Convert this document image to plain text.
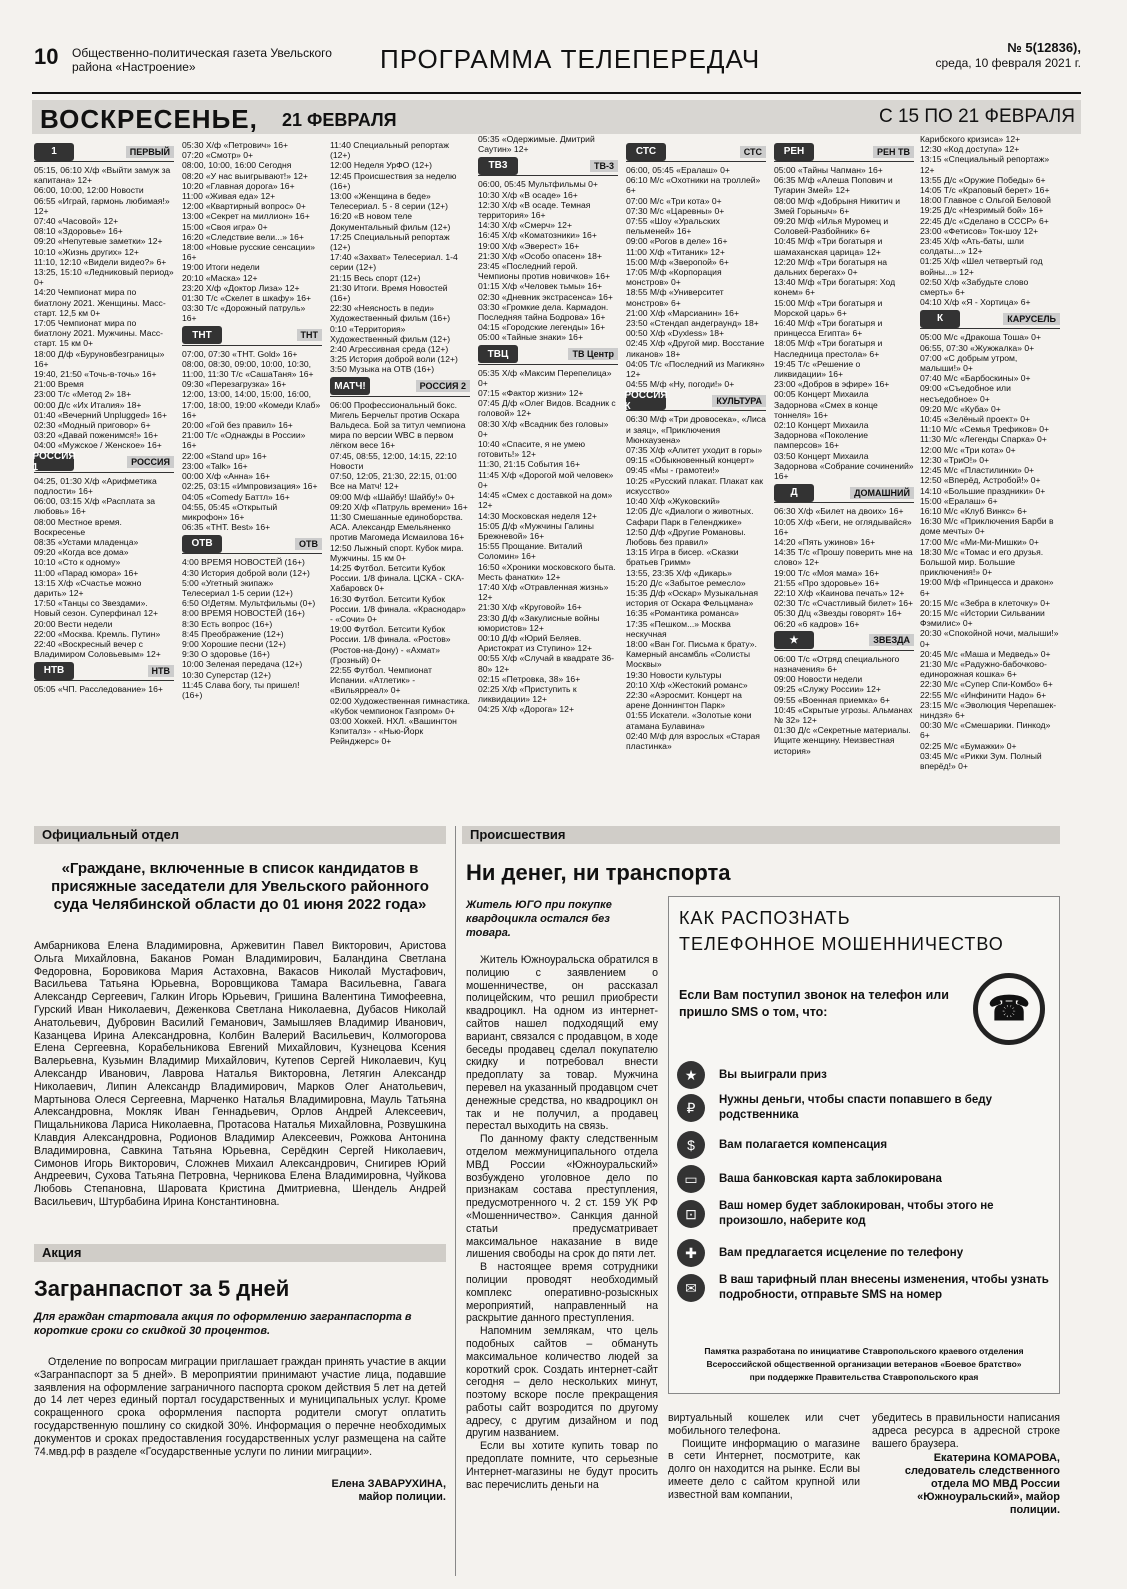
10 Общественно-политическая газета Увельского района «Настроение»	ПРОГРАММА ТЕЛЕПЕРЕДАЧ	№ 5(12836),
среда, 10 февраля 2021 г.
ВОСКРЕСЕНЬЕ, 21 ФЕВРАЛЯ	С 15 ПО 21 ФЕВРАЛЯ
1	ПЕРВЫЙ
05:15, 06:10 Х/ф «Выйти замуж за капитана» 12+
06:00, 10:00, 12:00 Новости
06:55 «Играй, гармонь любимая!» 12+
07:40 «Часовой» 12+
08:10 «Здоровье» 16+
09:20 «Непутевые заметки» 12+
10:10 «Жизнь других» 12+
11:10, 12:10 «Видели видео?» 6+
13:25, 15:10 «Ледниковый период» 0+
14:20 Чемпионат мира по биатлону 2021. Женщины. Масс-старт. 12,5 км 0+
17:05 Чемпионат мира по биатлону 2021. Мужчины. Масс-старт. 15 км 0+
18:00 Д/ф «Буруновбезграницы» 16+
19:40, 21:50 «Точь-в-точь» 16+
21:00 Время
23:00 Т/с «Метод 2» 18+
00:00 Д/с «Их Италия» 18+
01:40 «Вечерний Unplugged» 16+
02:30 «Модный приговор» 6+
03:20 «Давай поженимся!» 16+
04:00 «Мужское / Женское» 16+
РОССИЯ 1	РОССИЯ
04:25, 01:30 Х/ф «Арифметика подлости» 16+
06:00, 03:15 Х/ф «Расплата за любовь» 16+
08:00 Местное время. Воскресенье
08:35 «Устами младенца»
09:20 «Когда все дома»
10:10 «Сто к одному»
11:00 «Парад юмора» 16+
13:15 Х/ф «Счастье можно дарить» 12+
17:50 «Танцы со Звездами». Новый сезон. Суперфинал 12+
20:00 Вести недели
22:00 «Москва. Кремль. Путин»
22:40 «Воскресный вечер с Владимиром Соловьевым» 12+
НТВ	НТВ
05:05 «ЧП. Расследование» 16+
05:30 Х/ф «Петрович» 16+
07:20 «Смотр» 0+
08:00, 10:00, 16:00 Сегодня
08:20 «У нас выигрывают!» 12+
10:20 «Главная дорога» 16+
11:00 «Живая еда» 12+
12:00 «Квартирный вопрос» 0+
13:00 «Секрет на миллион» 16+
15:00 «Своя игра» 0+
16:20 «Следствие вели...» 16+
18:00 «Новые русские сенсации» 16+
19:00 Итоги недели
20:10 «Маска» 12+
23:20 Х/ф «Доктор Лиза» 12+
01:30 Т/с «Скелет в шкафу» 16+
03:30 Т/с «Дорожный патруль» 16+
ТНТ	ТНТ
07:00, 07:30 «ТНТ. Gold» 16+
08:00, 08:30, 09:00, 10:00, 10:30, 11:00, 11:30 Т/с «СашаТаня» 16+
09:30 «Перезагрузка» 16+
12:00, 13:00, 14:00, 15:00, 16:00, 17:00, 18:00, 19:00 «Комеди Клаб» 16+
20:00 «Гой без правил» 16+
21:00 Т/с «Однажды в России» 16+
22:00 «Stand up» 16+
23:00 «Talk» 16+
00:00 Х/ф «Анна» 16+
02:25, 03:15 «Импровизация» 16+
04:05 «Comedy Баттл» 16+
04:55, 05:45 «Открытый микрофон» 16+
06:35 «ТНТ. Best» 16+
ОТВ	ОТВ
4:00 ВРЕМЯ НОВОСТЕЙ (16+)
4:30 История доброй воли (12+)
5:00 «Угетный экипаж» Телесериал 1-5 серии (12+)
6:50 О!Детям. Мультфильмы (0+)
8:00 ВРЕМЯ НОВОСТЕЙ (16+)
8:30 Есть вопрос (16+)
8:45 Преображение (12+)
9:00 Хорошие песни (12+)
9:30 О здоровье (16+)
10:00 Зеленая передача (12+)
10:30 Суперстар (12+)
11:45 Слава богу, ты пришел! (16+)
11:40 Специальный репортаж (12+)
12:00 Неделя УрФО (12+)
12:45 Происшествия за неделю (16+)
13:00 «Женщина в беде» Телесериал. 5 - 8 серии (12+)
16:20 «В новом теле Документальный фильм (12+)
17:25 Специальный репортаж (12+)
17:40 «Захват» Телесериал. 1-4 серии (12+)
21:15 Весь спорт (12+)
21:30 Итоги. Время Новостей (16+)
22:30 «Неясность в педи» Художественный фильм (16+)
0:10 «Территория» Художественный фильм (12+)
2:40 Агрессивная среда (12+)
3:25 История доброй воли (12+)
3:50 Музыка на ОТВ (16+)
МАТЧ!	РОССИЯ 2
06:00 Профессиональный бокс. Мигель Берчельт против Оскара Вальдеса. Бой за титул чемпиона мира по версии WBC в первом лёгком весе 16+
07:45, 08:55, 12:00, 14:15, 22:10 Новости
07:50, 12:05, 21:30, 22:15, 01:00 Все на Матч! 12+
09:00 М/ф «Шайбу! Шайбу!» 0+
09:20 Х/ф «Патруль времени» 16+
11:30 Смешанные единоборства. АСА. Александр Емельяненко против Магомеда Исмаилова 16+
12:50 Лыжный спорт. Кубок мира. Мужчины. 15 км 0+
14:25 Футбол. Бетсити Кубок России. 1/8 финала. ЦСКА - СКА-Хабаровск 0+
16:30 Футбол. Бетсити Кубок России. 1/8 финала. «Краснодар» - «Сочи» 0+
19:00 Футбол. Бетсити Кубок России. 1/8 финала. «Ростов» (Ростов-на-Дону) - «Ахмат» (Грозный) 0+
22:55 Футбол. Чемпионат Испании. «Атлетик» - «Вильярреал» 0+
02:00 Художественная гимнастика. «Кубок чемпионок Газпром» 0+
03:00 Хоккей. НХЛ. «Вашингтон Кэпиталз» - «Нью-Йорк Рейнджерс» 0+
05:35 «Одержимые. Дмитрий Саутин» 12+
ТВ3	ТВ-3
06:00, 05:45 Мультфильмы 0+
10:30 Х/ф «В осаде» 16+
12:30 Х/ф «В осаде. Темная территория» 16+
14:30 Х/ф «Смерч» 12+
16:45 Х/ф «Коматозники» 16+
19:00 Х/ф «Эверест» 16+
21:30 Х/ф «Особо опасен» 18+
23:45 «Последний герой. Чемпионы против новичков» 16+
01:15 Х/ф «Человек тьмы» 16+
02:30 «Дневник экстрасенса» 16+
03:30 «Громкие дела. Кармадон. Последняя тайна Бодрова» 16+
04:15 «Городские легенды» 16+
05:00 «Тайные знаки» 16+
ТВЦ	ТВ Центр
05:35 Х/ф «Максим Перепелица» 0+
07:15 «Фактор жизни» 12+
07:45 Д/ф «Олег Видов. Всадник с головой» 12+
08:30 Х/ф «Всадник без головы» 0+
10:40 «Спасите, я не умею готовить!» 12+
11:30, 21:15 События 16+
11:45 Х/ф «Дорогой мой человек» 0+
14:45 «Смех с доставкой на дом» 12+
14:30 Московская неделя 12+
15:05 Д/ф «Мужчины Галины Брежневой» 16+
15:55 Прощание. Виталий Соломин» 16+
16:50 «Хроники московского быта. Месть фанатки» 12+
17:40 Х/ф «Отравленная жизнь» 12+
21:30 Х/ф «Круговой» 16+
23:30 Д/ф «Закулисные войны юмористов» 12+
00:10 Д/ф «Юрий Беляев. Аристократ из Ступино» 12+
00:55 Х/ф «Случай в квадрате 36-80» 12+
02:15 «Петровка, 38» 16+
02:25 Х/ф «Приступить к ликвидации» 12+
04:25 Х/ф «Дорога» 12+
СТС	СТС
06:00, 05:45 «Ералаш» 0+
06:10 М/с «Охотники на троллей» 6+
07:00 М/с «Три кота» 0+
07:30 М/с «Царевны» 0+
07:55 «Шоу «Уральских пельменей» 16+
09:00 «Рогов в деле» 16+
11:00 Х/ф «Титаник» 12+
15:00 М/ф «Зверопой» 6+
17:05 М/ф «Корпорация монстров» 0+
18:55 М/ф «Университет монстров» 6+
21:00 Х/ф «Марсианин» 16+
23:50 «Стендап андеграунд» 18+
00:50 Х/ф «Dyxless» 18+
02:45 Х/ф «Другой мир. Восстание ликанов» 18+
04:05 Т/с «Последний из Магикян» 12+
04:55 М/ф «Ну, погоди!» 0+
РОССИЯ К	КУЛЬТУРА
06:30 М/ф «Три дровосека», «Лиса и заяц», «Приключения Мюнхаузена»
07:35 Х/ф «Алитет уходит в горы»
09:15 «Обыкновенный концерт»
09:45 «Мы - грамотеи!»
10:25 «Русский плакат. Плакат как искусство»
10:40 Х/ф «Жуковский»
12:05 Д/с «Диалоги о животных. Сафари Парк в Геленджике»
12:50 Д/ф «Другие Романовы. Любовь без правил»
13:15 Игра в бисер. «Сказки братьев Гримм»
13:55, 23:35 Х/ф «Дикарь»
15:20 Д/с «Забытое ремесло»
15:35 Д/ф «Оскар» Музыкальная история от Оскара Фельцмана»
16:35 «Романтика романса»
17:35 «Пешком...» Москва нескучная
18:00 «Ван Гог. Письма к брату». Камерный ансамбль «Солисты Москвы»
19:30 Новости культуры
20:10 Х/ф «Жестокий романс»
22:30 «Аэросмит. Концерт на арене Доннингтон Парк»
01:55 Искатели. «Золотые кони атамана Булавина»
02:40 М/ф для взрослых «Старая пластинка»
РЕН	РЕН ТВ
05:00 «Тайны Чапман» 16+
06:35 М/ф «Алеша Попович и Тугарин Змей» 12+
08:00 М/ф «Добрыня Никитич и Змей Горыныч» 6+
09:20 М/ф «Илья Муромец и Соловей-Разбойник» 6+
10:45 М/ф «Три богатыря и шамаханская царица» 12+
12:20 М/ф «Три богатыря на дальних берегах» 0+
13:40 М/ф «Три богатыря: Ход конем» 6+
15:00 М/ф «Три богатыря и Морской царь» 6+
16:40 М/ф «Три богатыря и принцесса Египта» 6+
18:05 М/ф «Три богатыря и Наследница престола» 6+
19:45 Т/с «Решение о ликвидации» 16+
23:00 «Добров в эфире» 16+
00:05 Концерт Михаила Задорнова «Смех в конце тоннеля» 16+
02:10 Концерт Михаила Задорнова «Поколение памперсов» 16+
03:50 Концерт Михаила Задорнова «Собрание сочинений» 16+
Д	ДОМАШНИЙ
06:30 Х/ф «Билет на двоих» 16+
10:05 Х/ф «Беги, не оглядывайся» 16+
14:20 «Пять ужинов» 16+
14:35 Т/с «Прошу поверить мне на слово» 12+
19:00 Т/с «Моя мама» 16+
21:55 «Про здоровье» 16+
22:10 Х/ф «Каинова печать» 12+
02:30 Т/с «Счастливый билет» 16+
05:30 Д/ц «Звезды говорят» 16+
06:20 «6 кадров» 16+
★	ЗВЕЗДА
06:00 Т/с «Отряд специального назначения» 6+
09:00 Новости недели
09:25 «Служу России» 12+
09:55 «Военная приемка» 6+
10:45 «Скрытые угрозы. Альманах № 32» 12+
01:30 Д/с «Секретные материалы. Ищите женщину. Неизвестная история»
Карибского кризиса» 12+
12:30 «Код доступа» 12+
13:15 «Специальный репортаж» 12+
13:55 Д/с «Оружие Победы» 6+
14:05 Т/с «Краповый берет» 16+
18:00 Главное с Ольгой Беловой
19:25 Д/с «Незримый бой» 16+
22:45 Д/с «Сделано в СССР» 6+
23:00 «Фетисов» Ток-шоу 12+
23:45 Х/ф «Ать-баты, шли солдаты...» 12+
01:25 Х/ф «Шел четвертый год войны...» 12+
02:50 Х/ф «Забудьте слово смерть» 6+
04:10 Х/ф «Я - Хортица» 6+
К	КАРУСЕЛЬ
05:00 М/с «Дракоша Тоша» 0+
06:55, 07:30 «Жужжалка» 0+
07:00 «С добрым утром, малыши!» 0+
07:40 М/с «Барбоскины» 0+
09:00 «Съедобное или несъедобное» 0+
09:20 М/с «Куба» 0+
10:45 «Зелёный проект» 0+
11:10 М/с «Семья Трефиков» 0+
11:30 М/с «Легенды Спарка» 0+
12:00 М/с «Три кота» 0+
12:30 «ТриО!» 0+
12:45 М/с «Пластилинки» 0+
12:50 «Вперёд, Астробой!» 0+
14:10 «Большие праздники» 0+
15:00 «Ералаш» 6+
16:10 М/с «Клуб Винкс» 6+
16:30 М/с «Приключения Барби в доме мечты» 0+
17:00 М/с «Ми-Ми-Мишки» 0+
18:30 М/с «Томас и его друзья. Большой мир. Большие приключения!» 0+
19:00 М/ф «Принцесса и дракон» 6+
20:15 М/с «Зебра в клеточку» 0+
20:15 М/с «Истории Сильвании Фэмилис» 0+
20:30 «Спокойной ночи, малыши!» 0+
20:45 М/с «Маша и Медведь» 0+
21:30 М/с «Радужно-бабочково-единорожная кошка» 6+
22:30 М/с «Супер Спи-Комбо» 6+
22:55 М/с «Инфинити Надо» 6+
23:15 М/с «Эволюция Черепашек-ниндзя» 6+
00:30 М/с «Смешарики. Пинкод» 6+
02:25 М/с «Бумажки» 0+
03:45 М/с «Рикки Зум. Полный вперёд!» 0+
Официальный отдел
«Граждане, включенные в список кандидатов в присяжные заседатели для Увельского районного суда Челябинской области до 01 июня 2022 года»
Амбарникова Елена Владимировна, Аржевитин Павел Викторович, Аристова Ольга Михайловна, Баканов Роман Владимирович, Баландина Светлана Федоровна, Боровикова Мария Астаховна, Вакасов Николай Мустафович, Васильева Татьяна Юрьевна, Воровщикова Тамара Васильевна, Гавага Александр Сергеевич, Галкин Игорь Юрьевич, Гришина Валентина Тимофеевна, Гурский Иван Николаевич, Деженкова Светлана Николаевна, Дубасов Николай Анатольевич, Дубровин Василий Геманович, Замышляев Владимир Иванович, Казанцева Ирина Александровна, Колбин Валерий Васильевич, Колмогорова Елена Сергеевна, Корабельникова Евгений Михайлович, Кузнецова Ксения Валерьевна, Кузьмин Владимир Михайлович, Кутепов Сергей Николаевич, Куц Александр Иванович, Лаврова Наталья Викторовна, Летягин Александр Николаевич, Липин Александр Владимирович, Марков Олег Анатольевич, Мартынова Олеся Сергеевна, Марченко Наталья Владимировна, Мауль Татьяна Александровна, Мокляк Иван Геннадьевич, Орлов Андрей Алексеевич, Пищальникова Лариса Николаевна, Протасова Наталья Михайловна, Розвушкина Клавдия Александровна, Родионов Владимир Алексеевич, Рожкова Антонина Владимировна, Савкина Татьяна Юрьевна, Серёдкин Сергей Николаевич, Симонов Игорь Викторович, Сложнев Михаил Александрович, Снигирев Юрий Андреевич, Сухова Татьяна Петровна, Черникова Елена Владимировна, Чуйкова Любовь Степановна, Шаровата Кристина Дмитриевна, Шендель Андрей Васильевич, Штурбабина Ирина Константиновна.
Акция
Загранпаспот за 5 дней
Для граждан стартовала акция по оформлению загранпаспорта в короткие сроки со скидкой 30 процентов.

Отделение по вопросам миграции приглашает граждан принять участие в акции «Загранпаспорт за 5 дней». В мероприятии принимают участие лица, подавшие заявления на оформление заграничного паспорта сроком действия 5 лет на детей до 14 лет через единый портал государственных и муниципальных услуг. Кроме сокращенного срока оформления паспорта родители смогут оплатить государственную пошлину со скидкой 30%. Информация о перечне необходимых документов и сроках предоставления государственных услуг размещена на сайте 74.мвд.рф в разделе «Государственные услуги по линии миграции».

Елена ЗАВАРУХИНА,
майор полиции.
Происшествия
Ни денег, ни транспорта
Житель ЮГО при покупке квардоцикла остался без товара.

Житель Южноуральска обратился в полицию с заявлением о мошенничестве, он рассказал полицейским, что решил приобрести квадроцикл. На одном из интернет-сайтов нашел подходящий ему вариант, связался с продавцом, в ходе беседы продавец сделал покупателю скидку и потребовал внести предоплату за товар. Мужчина перевел на указанный продавцом счет денежные средства, но квадроцикл он так и не получил, а продавец перестал выходить на связь.

По данному факту следственным отделом межмуниципального отдела МВД России «Южноуральский» возбуждено уголовное дело по признакам состава преступления, предусмотренного ч. 2 ст. 159 УК РФ «Мошенничество». Санкция данной статьи предусматривает максимальное наказание в виде лишения свободы на срок до пяти лет.

В настоящее время сотрудники полиции проводят необходимый комплекс оперативно-розыскных мероприятий, направленный на раскрытие данного преступления.

Напомним землякам, что цель подобных сайтов – обмануть максимальное количество людей за короткий срок. Создать интернет-сайт сегодня – дело нескольких минут, поэтому вскоре после прекращения работы сайт возродится по другому адресу, с другим дизайном и под другим названием.

Если вы хотите купить товар по предоплате помните, что серьезные Интернет-магазины не будут просить вас перечислить деньги на

виртуальный кошелек или счет мобильного телефона.

Поищите информацию о магазине в сети Интернет, посмотрите, как долго он находится на рынке. Если вы имеете дело с сайтом крупной или известной вам компании,

убедитесь в правильности написания адреса ресурса в адресной строке вашего браузера.

Екатерина КОМАРОВА,
следователь следственного отдела МО МВД России «Южноуральский», майор полиции.
КАК РАСПОЗНАТЬ
ТЕЛЕФОННОЕ МОШЕННИЧЕСТВО
Если Вам поступил звонок на телефон или пришло SMS о том, что:	☎
★	Вы выиграли приз
₽	Нужны деньги, чтобы спасти попавшего в беду родственника
$	Вам полагается компенсация
▭	Ваша банковская карта заблокирована
⊡	Ваш номер будет заблокирован, чтобы этого не произошло, наберите код
✚	Вам предлагается исцеление по телефону
✉	В ваш тарифный план внесены изменения, чтобы узнать подробности, отправьте SMS на номер
Памятка разработана по инициативе Ставропольского краевого отделения
Всероссийской общественной организации ветеранов «Боевое братство»
при поддержке Правительства Ставропольского края
